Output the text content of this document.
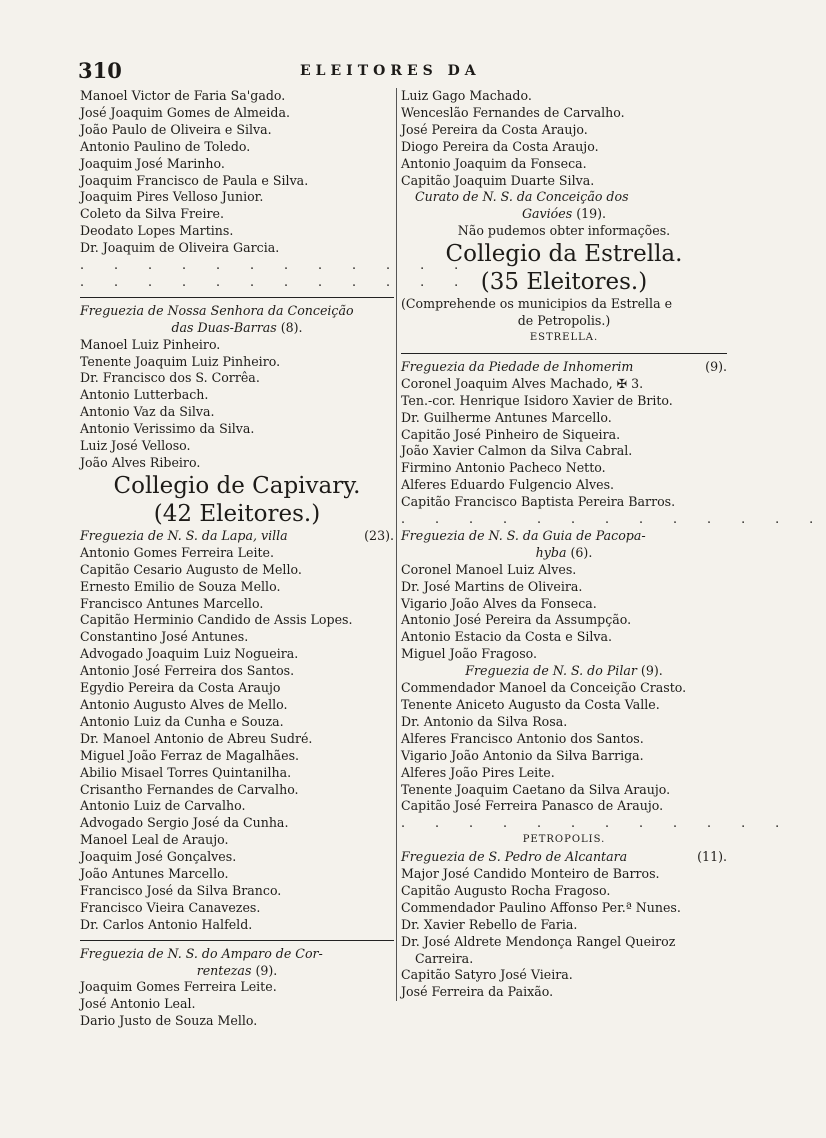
310	ELEITORES DA
Manoel Victor de Faria Sa'gado.
José Joaquim Gomes de Almeida.
João Paulo de Oliveira e Silva.
Antonio Paulino de Toledo.
Joaquim José Marinho.
Joaquim Francisco de Paula e Silva.
Joaquim Pires Velloso Junior.
Coleto da Silva Freire.
Deodato Lopes Martins.
Dr. Joaquim de Oliveira Garcia.
. . . . . . . . . . . .
. . . . . . . . . . . .
Freguezia de Nossa Senhora da Conceição
das Duas-Barras (8).
Manoel Luiz Pinheiro.
Tenente Joaquim Luiz Pinheiro.
Dr. Francisco dos S. Corrêa.
Antonio Lutterbach.
Antonio Vaz da Silva.
Antonio Verissimo da Silva.
Luiz José Velloso.
João Alves Ribeiro.
Collegio de Capivary.
(42 Eleitores.)
Freguezia de N. S. da Lapa, villa	(23).
Antonio Gomes Ferreira Leite.
Capitão Cesario Augusto de Mello.
Ernesto Emilio de Souza Mello.
Francisco Antunes Marcello.
Capitão Herminio Candido de Assis Lopes.
Constantino José Antunes.
Advogado Joaquim Luiz Nogueira.
Antonio José Ferreira dos Santos.
Egydio Pereira da Costa Araujo
Antonio Augusto Alves de Mello.
Antonio Luiz da Cunha e Souza.
Dr. Manoel Antonio de Abreu Sudré.
Miguel João Ferraz de Magalhães.
Abilio Misael Torres Quintanilha.
Crisantho Fernandes de Carvalho.
Antonio Luiz de Carvalho.
Advogado Sergio José da Cunha.
Manoel Leal de Araujo.
Joaquim José Gonçalves.
João Antunes Marcello.
Francisco José da Silva Branco.
Francisco Vieira Canavezes.
Dr. Carlos Antonio Halfeld.
Freguezia de N. S. do Amparo de Cor-
rentezas (9).
Joaquim Gomes Ferreira Leite.
José Antonio Leal.
Dario Justo de Souza Mello.
Luiz Gago Machado.
Wenceslão Fernandes de Carvalho.
José Pereira da Costa Araujo.
Diogo Pereira da Costa Araujo.
Antonio Joaquim da Fonseca.
Capitão Joaquim Duarte Silva.
Curato de N. S. da Conceição dos
Gavióes (19).
Não pudemos obter informações.
Collegio da Estrella.
(35 Eleitores.)
(Comprehende os municipios da Estrella e
de Petropolis.)
ESTRELLA.
Freguezia da Piedade de Inhomerim	(9).
Coronel Joaquim Alves Machado, ✠ 3.
Ten.-cor. Henrique Isidoro Xavier de Brito.
Dr. Guilherme Antunes Marcello.
Capitão José Pinheiro de Siqueira.
João Xavier Calmon da Silva Cabral.
Firmino Antonio Pacheco Netto.
Alferes Eduardo Fulgencio Alves.
Capitão Francisco Baptista Pereira Barros.
. . . . . . . . . . . . .
Freguezia de N. S. da Guia de Pacopa-
hyba (6).
Coronel Manoel Luiz Alves.
Dr. José Martins de Oliveira.
Vigario João Alves da Fonseca.
Antonio José Pereira da Assumpção.
Antonio Estacio da Costa e Silva.
Miguel João Fragoso.
Freguezia de N. S. do Pilar (9).
Commendador Manoel da Conceição Crasto.
Tenente Aniceto Augusto da Costa Valle.
Dr. Antonio da Silva Rosa.
Alferes Francisco Antonio dos Santos.
Vigario João Antonio da Silva Barriga.
Alferes João Pires Leite.
Tenente Joaquim Caetano da Silva Araujo.
Capitão José Ferreira Panasco de Araujo.
. . . . . . . . . . . .
PETROPOLIS.
Freguezia de S. Pedro de Alcantara	(11).
Major José Candido Monteiro de Barros.
Capitão Augusto Rocha Fragoso.
Commendador Paulino Affonso Per.ª Nunes.
Dr. Xavier Rebello de Faria.
Dr. José Aldrete Mendonça Rangel Queiroz
Carreira.
Capitão Satyro José Vieira.
José Ferreira da Paixão.
